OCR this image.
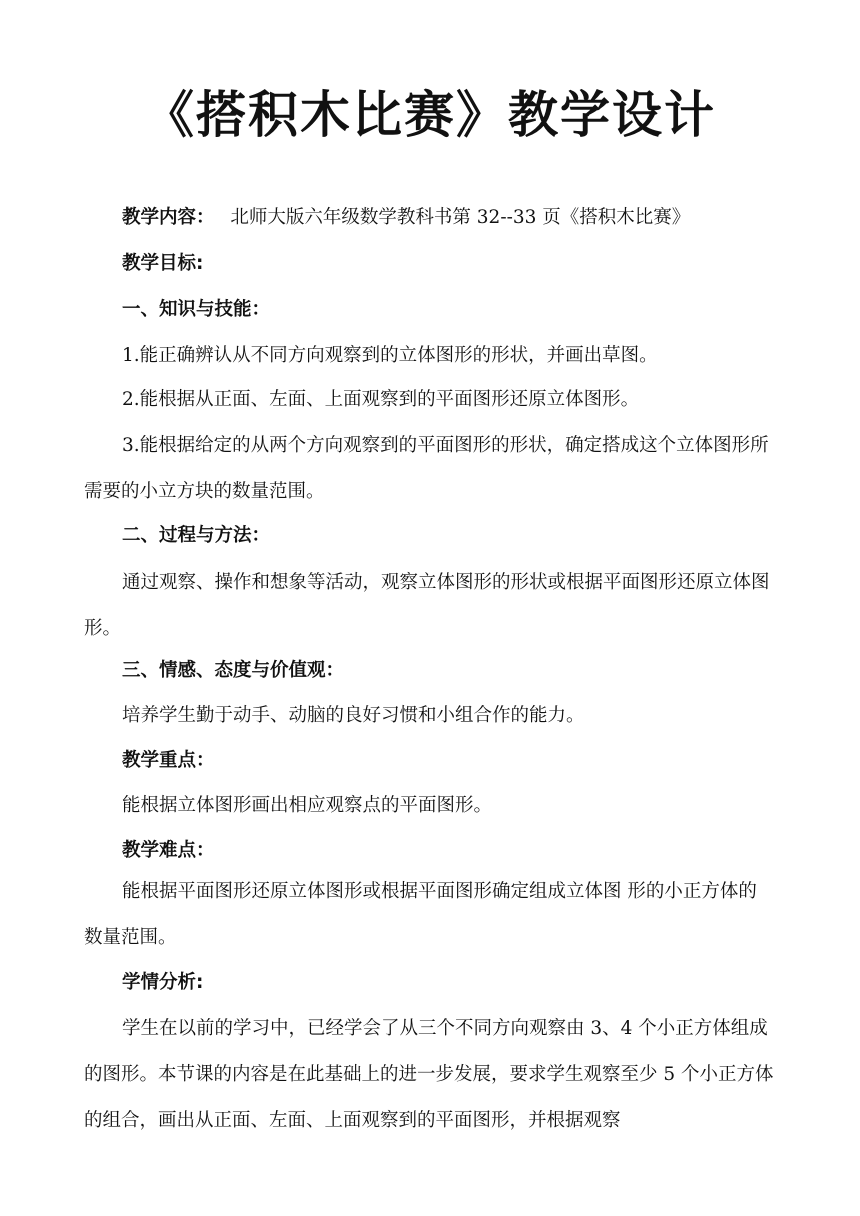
《搭积木比赛》教学设计
教学内容： 北师大版六年级数学教科书第 32--33 页《搭积木比赛》
教学目标:
一、知识与技能：
1.能正确辨认从不同方向观察到的立体图形的形状，并画出草图。
2.能根据从正面、左面、上面观察到的平面图形还原立体图形。
3.能根据给定的从两个方向观察到的平面图形的形状，确定搭成这个立体图形所需要的小立方块的数量范围。
二、过程与方法：
通过观察、操作和想象等活动，观察立体图形的形状或根据平面图形还原立体图形。
三、情感、态度与价值观：
培养学生勤于动手、动脑的良好习惯和小组合作的能力。
教学重点：
能根据立体图形画出相应观察点的平面图形。
教学难点：
能根据平面图形还原立体图形或根据平面图形确定组成立体图 形的小正方体的数量范围。
学情分析:
学生在以前的学习中，已经学会了从三个不同方向观察由 3、4 个小正方体组成的图形。本节课的内容是在此基础上的进一步发展，要求学生观察至少 5 个小正方体的组合，画出从正面、左面、上面观察到的平面图形，并根据观察
